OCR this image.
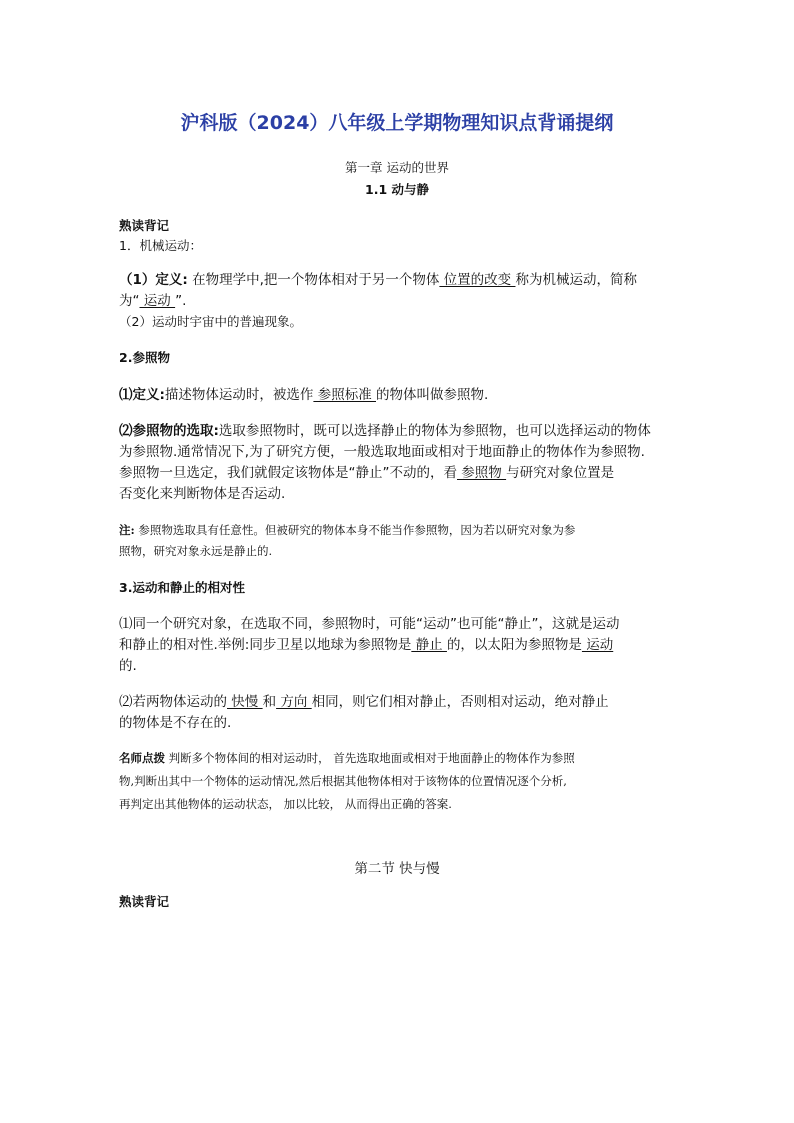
沪科版（2024）八年级上学期物理知识点背诵提纲
第一章 运动的世界
1.1 动与静
熟读背记
1．机械运动：
（1）定义: 在物理学中,把一个物体相对于另一个物体 位置的改变 称为机械运动，简称
为“ 运动 ”.
（2）运动时宇宙中的普遍现象。
2.参照物
⑴定义:描述物体运动时，被选作 参照标准 的物体叫做参照物.
⑵参照物的选取:选取参照物时，既可以选择静止的物体为参照物，也可以选择运动的物体
为参照物.通常情况下,为了研究方便，一般选取地面或相对于地面静止的物体作为参照物.
参照物一旦选定，我们就假定该物体是“静止”不动的，看 参照物 与研究对象位置是
否变化来判断物体是否运动.
注: 参照物选取具有任意性。但被研究的物体本身不能当作参照物，因为若以研究对象为参
照物，研究对象永远是静止的.
3.运动和静止的相对性
⑴同一个研究对象，在选取不同，参照物时，可能“运动”也可能“静止”，这就是运动
和静止的相对性.举例:同步卫星以地球为参照物是 静止 的，以太阳为参照物是 运动
的.
⑵若两物体运动的 快慢 和 方向 相同，则它们相对静止，否则相对运动，绝对静止
的物体是不存在的.
名师点拨 判断多个物体间的相对运动时， 首先选取地面或相对于地面静止的物体作为参照
物,判断出其中一个物体的运动情况,然后根据其他物体相对于该物体的位置情况逐个分析,
再判定出其他物体的运动状态， 加以比较， 从而得出正确的答案.
第二节 快与慢
熟读背记
